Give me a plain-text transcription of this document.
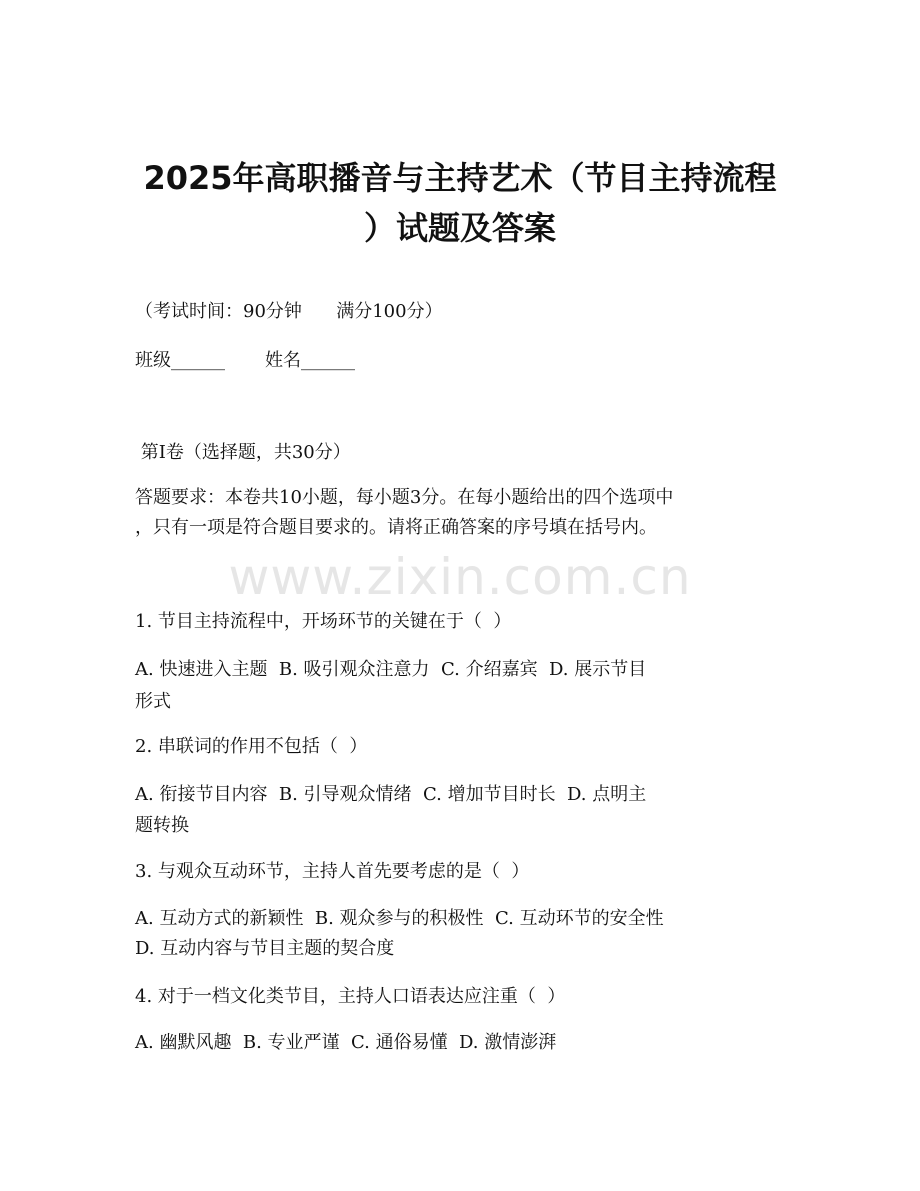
www.zixin.com.cn
2025年高职播音与主持艺术（节目主持流程
）试题及答案

（考试时间：90分钟      满分100分）

班级______       姓名______

第I卷（选择题，共30分）

答题要求：本卷共10小题，每小题3分。在每小题给出的四个选项中

，只有一项是符合题目要求的。请将正确答案的序号填在括号内。

1. 节目主持流程中，开场环节的关键在于（  ）

A. 快速进入主题  B. 吸引观众注意力  C. 介绍嘉宾  D. 展示节目

形式

2. 串联词的作用不包括（  ）

A. 衔接节目内容  B. 引导观众情绪  C. 增加节目时长  D. 点明主

题转换

3. 与观众互动环节，主持人首先要考虑的是（  ）

A. 互动方式的新颖性  B. 观众参与的积极性  C. 互动环节的安全性

D. 互动内容与节目主题的契合度

4. 对于一档文化类节目，主持人口语表达应注重（  ）

A. 幽默风趣  B. 专业严谨  C. 通俗易懂  D. 激情澎湃
